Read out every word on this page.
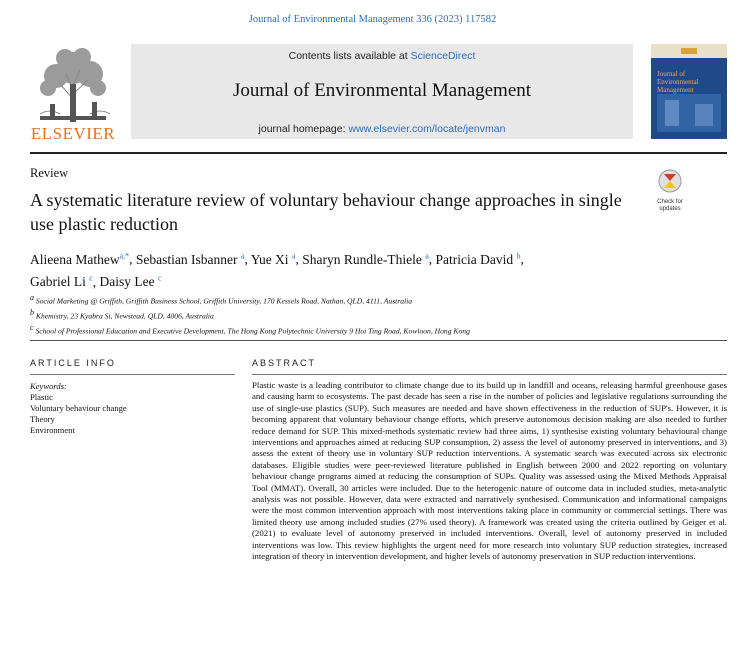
Journal of Environmental Management 336 (2023) 117582
ELSEVIER
Contents lists available at ScienceDirect
Journal of Environmental Management
journal homepage: www.elsevier.com/locate/jenvman
Journal of Environmental Management
Review
A systematic literature review of voluntary behaviour change approaches in single use plastic reduction
Check for updates
Alieena Mathew$^{a,*}$, Sebastian Isbanner $^a$, Yue Xi $^a$, Sharyn Rundle-Thiele $^a$, Patricia David $^b$,
Gabriel Li $^c$, Daisy Lee $^c$
$^a$ Social Marketing @ Griffith, Griffith Business School, Griffith University, 170 Kessels Road, Nathan, QLD, 4111, Australia
$^b$ Khemistry, 23 Kyabra St, Newstead, QLD, 4006, Australia
$^c$ School of Professional Education and Executive Development, The Hong Kong Polytechnic University 9 Hoi Ting Road, Kowloon, Hong Kong
ARTICLE INFO	ABSTRACT
Keywords:
Plastic
Voluntary behaviour change
Theory
Environment
Plastic waste is a leading contributor to climate change due to its build up in landfill and oceans, releasing harmful greenhouse gases and causing harm to ecosystems. The past decade has seen a rise in the number of policies and legislative regulations surrounding the use of single-use plastics (SUP). Such measures are needed and have shown effectiveness in the reduction of SUP's. However, it is becoming apparent that voluntary behaviour change efforts, which preserve autonomous decision making are also needed to further reduce demand for SUP. This mixed-methods systematic review had three aims, 1) synthesise existing voluntary behavioural change interventions and approaches aimed at reducing SUP consumption, 2) assess the level of autonomy preserved in interventions, and 3) assess the extent of theory use in voluntary SUP reduction interventions. A systematic search was executed across six electronic databases. Eligible studies were peer-reviewed literature published in English between 2000 and 2022 reporting on voluntary behaviour change programs aimed at reducing the consumption of SUPs. Quality was assessed using the Mixed Methods Appraisal Tool (MMAT). Overall, 30 articles were included. Due to the heterogenic nature of outcome data in included studies, meta-analytic analysis was not possible. However, data were extracted and narratively synthesised. Communication and informational campaigns were the most common intervention approach with most interventions taking place in community or commercial settings. There was limited theory use among included studies (27% used theory). A framework was created using the criteria outlined by Geiger et al. (2021) to evaluate level of autonomy preserved in included interventions. Overall, level of autonomy preserved in included interventions was low. This review highlights the urgent need for more research into voluntary SUP reduction strategies, increased integration of theory in intervention development, and higher levels of autonomy preservation in SUP reduction interventions.
